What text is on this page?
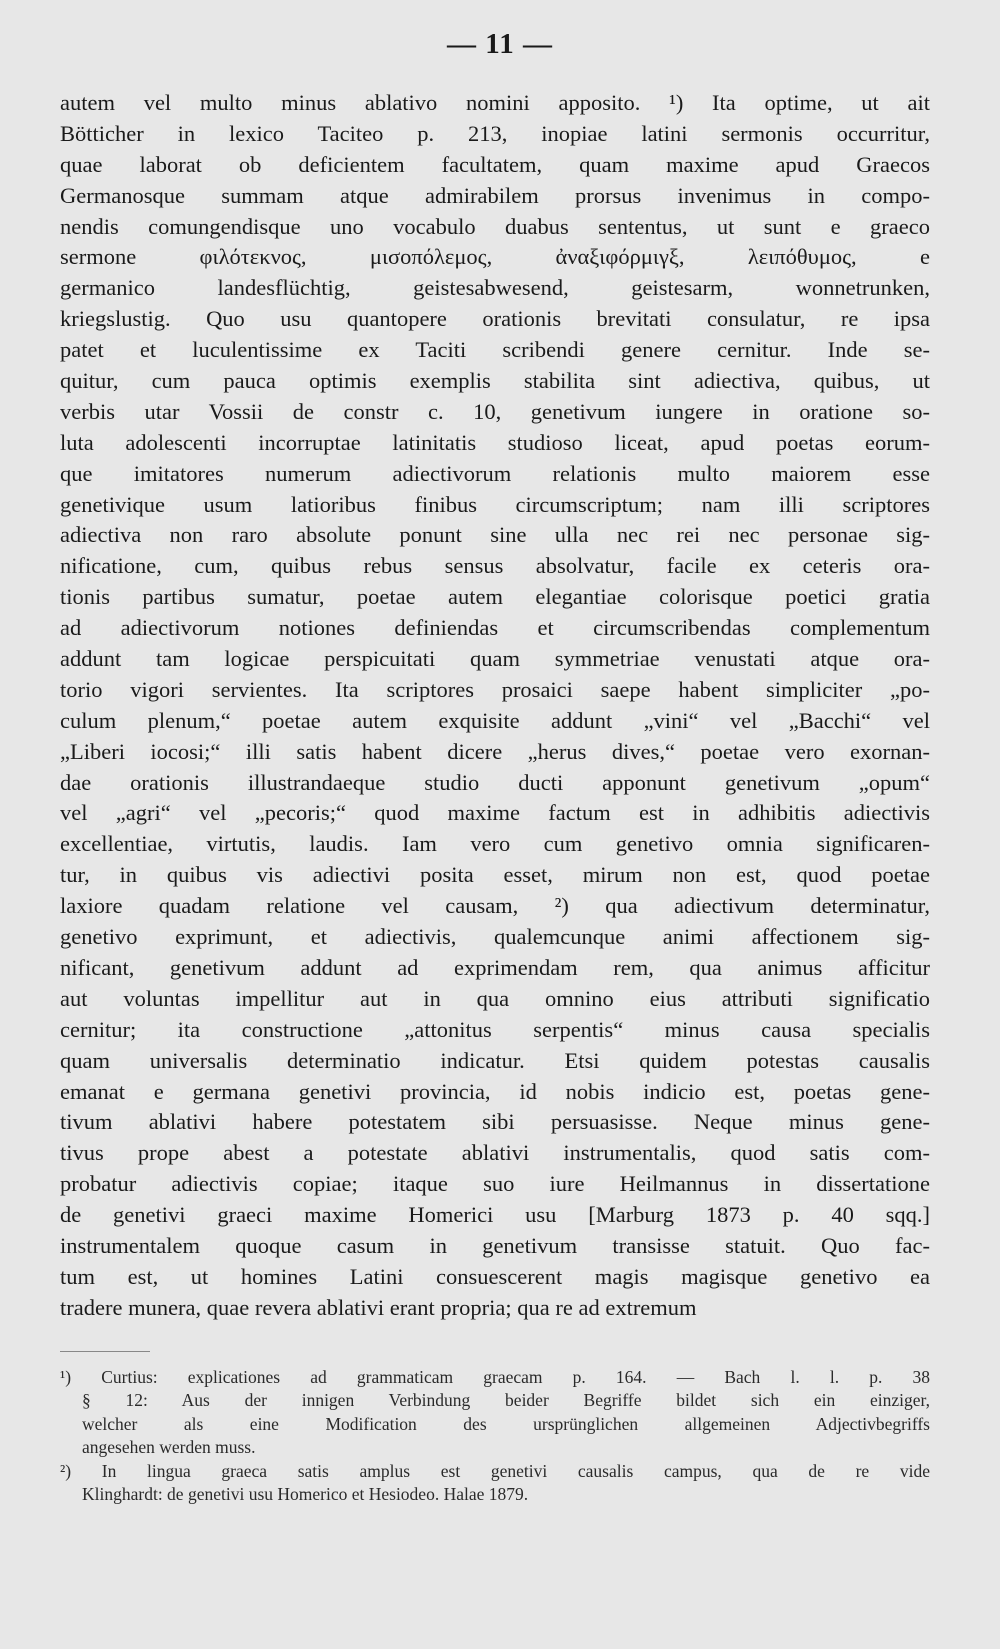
— 11 —
autem vel multo minus ablativo nomini apposito. ¹) Ita optime, ut ait
Bötticher in lexico Taciteo p. 213, inopiae latini sermonis occurritur,
quae laborat ob deficientem facultatem, quam maxime apud Graecos
Germanosque summam atque admirabilem prorsus invenimus in compo-
nendis comungendisque uno vocabulo duabus sententus, ut sunt e graeco
sermone φιλότεκνος, μισοπόλεμος, ἀναξιφόρμιγξ, λειπόθυμος, e
germanico landesflüchtig, geistesabwesend, geistesarm, wonnetrunken,
kriegslustig. Quo usu quantopere orationis brevitati consulatur, re ipsa
patet et luculentissime ex Taciti scribendi genere cernitur. Inde se-
quitur, cum pauca optimis exemplis stabilita sint adiectiva, quibus, ut
verbis utar Vossii de constr c. 10, genetivum iungere in oratione so-
luta adolescenti incorruptae latinitatis studioso liceat, apud poetas eorum-
que imitatores numerum adiectivorum relationis multo maiorem esse
genetivique usum latioribus finibus circumscriptum; nam illi scriptores
adiectiva non raro absolute ponunt sine ulla nec rei nec personae sig-
nificatione, cum, quibus rebus sensus absolvatur, facile ex ceteris ora-
tionis partibus sumatur, poetae autem elegantiae colorisque poetici gratia
ad adiectivorum notiones definiendas et circumscribendas complementum
addunt tam logicae perspicuitati quam symmetriae venustati atque ora-
torio vigori servientes. Ita scriptores prosaici saepe habent simpliciter „po-
culum plenum,“ poetae autem exquisite addunt „vini“ vel „Bacchi“ vel
„Liberi iocosi;“ illi satis habent dicere „herus dives,“ poetae vero exornan-
dae orationis illustrandaeque studio ducti apponunt genetivum „opum“
vel „agri“ vel „pecoris;“ quod maxime factum est in adhibitis adiectivis
excellentiae, virtutis, laudis. Iam vero cum genetivo omnia significaren-
tur, in quibus vis adiectivi posita esset, mirum non est, quod poetae
laxiore quadam relatione vel causam, ²) qua adiectivum determinatur,
genetivo exprimunt, et adiectivis, qualemcunque animi affectionem sig-
nificant, genetivum addunt ad exprimendam rem, qua animus afficitur
aut voluntas impellitur aut in qua omnino eius attributi significatio
cernitur; ita constructione „attonitus serpentis“ minus causa specialis
quam universalis determinatio indicatur. Etsi quidem potestas causalis
emanat e germana genetivi provincia, id nobis indicio est, poetas gene-
tivum ablativi habere potestatem sibi persuasisse. Neque minus gene-
tivus prope abest a potestate ablativi instrumentalis, quod satis com-
probatur adiectivis copiae; itaque suo iure Heilmannus in dissertatione
de genetivi graeci maxime Homerici usu [Marburg 1873 p. 40 sqq.]
instrumentalem quoque casum in genetivum transisse statuit. Quo fac-
tum est, ut homines Latini consuescerent magis magisque genetivo ea
tradere munera, quae revera ablativi erant propria; qua re ad extremum
¹) Curtius: explicationes ad grammaticam graecam p. 164. — Bach l. l. p. 38
§ 12: Aus der innigen Verbindung beider Begriffe bildet sich ein einziger,
welcher als eine Modification des ursprünglichen allgemeinen Adjectivbegriffs
angesehen werden muss.
²) In lingua graeca satis amplus est genetivi causalis campus, qua de re vide
Klinghardt: de genetivi usu Homerico et Hesiodeo. Halae 1879.
